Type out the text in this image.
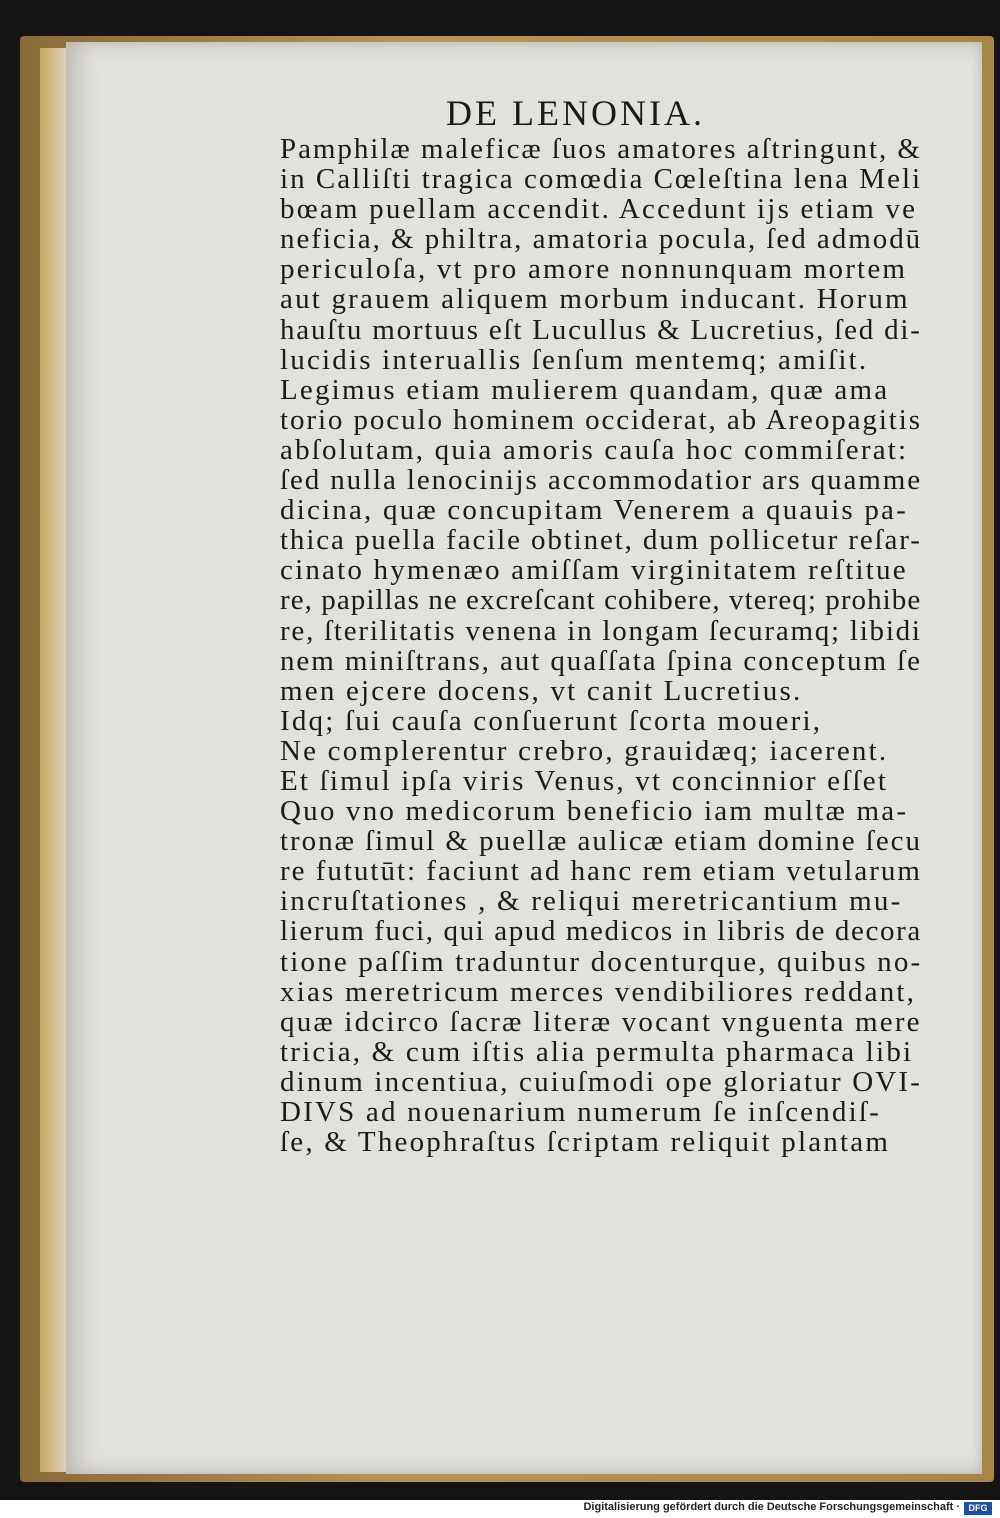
DE LENONIA.
Pamphilæ maleficæ ſuos amatores aſtringunt, &
in Calliſti tragica comœdia Cœleſtina lena Meli
bœam puellam accendit. Accedunt ijs etiam ve
neficia, & philtra, amatoria pocula, ſed admodū
periculoſa, vt pro amore nonnunquam mortem
aut grauem aliquem morbum inducant. Horum
hauſtu mortuus eſt Lucullus & Lucretius, ſed di-
lucidis interuallis ſenſum mentemq; amiſit.
Legimus etiam mulierem quandam, quæ ama
torio poculo hominem occiderat, ab Areopagitis
abſolutam, quia amoris cauſa hoc commiſerat:
ſed nulla lenocinijs accommodatior ars quamme
dicina, quæ concupitam Venerem a quauis pa-
thica puella facile obtinet, dum pollicetur reſar-
cinato hymenæo amiſſam virginitatem reſtitue
re, papillas ne excreſcant cohibere, vtereq; prohibe
re, ſterilitatis venena in longam ſecuramq; libidi
nem miniſtrans, aut quaſſata ſpina conceptum ſe
men ejcere docens, vt canit Lucretius.
Idq; ſui cauſa conſuerunt ſcorta moueri,
Ne complerentur crebro, grauidæq; iacerent.
Et ſimul ipſa viris Venus, vt concinnior eſſet
Quo vno medicorum beneficio iam multæ ma-
tronæ ſimul & puellæ aulicæ etiam domine ſecu
re fututūt: faciunt ad hanc rem etiam vetularum
incruſtationes , & reliqui meretricantium mu-
lierum fuci, qui apud medicos in libris de decora
tione paſſim traduntur docenturque, quibus no-
xias meretricum merces vendibiliores reddant,
quæ idcirco ſacræ literæ vocant vnguenta mere
tricia, & cum iſtis alia permulta pharmaca libi
dinum incentiua, cuiuſmodi ope gloriatur OVI-
DIVS ad nouenarium numerum ſe inſcendiſ-
ſe, & Theophraſtus ſcriptam reliquit plantam
Digitalisierung gefördert durch die Deutsche Forschungsgemeinschaft · DFG
